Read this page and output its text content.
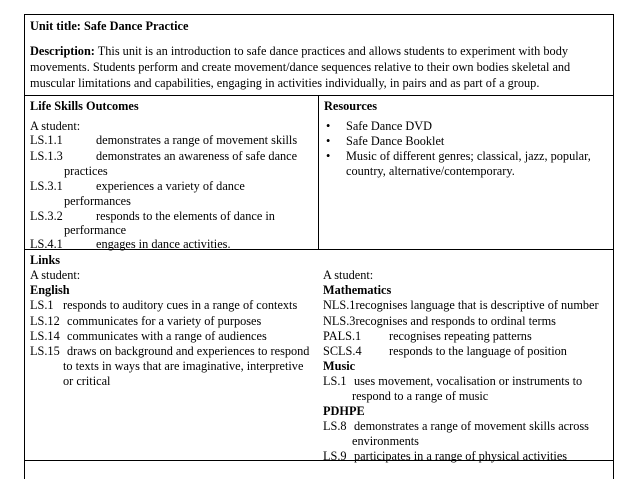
Unit title: Safe Dance Practice
Description: This unit is an introduction to safe dance practices and allows students to experiment with body
movements. Students perform and create movement/dance sequences relative to their own bodies skeletal and
muscular limitations and capabilities, engaging in activities individually, in pairs and as part of a group.
Life Skills Outcomes
A student:
LS.1.1	demonstrates a range of movement skills
LS.1.3	demonstrates an awareness of safe dance
practices
LS.3.1	experiences a variety of dance
performances
LS.3.2	responds to the elements of dance in
performance
LS.4.1	engages in dance activities.
Resources
• Safe Dance DVD
• Safe Dance Booklet
• Music of different genres; classical, jazz, popular,
country, alternative/contemporary.
Links
A student:
English
LS.1 responds to auditory cues in a range of contexts
LS.12 communicates for a variety of purposes
LS.14 communicates with a range of audiences
LS.15 draws on background and experiences to respond
to texts in ways that are imaginative, interpretive
or critical
A student:
Mathematics
NLS.1recognises language that is descriptive of number
NLS.3recognises and responds to ordinal terms
PALS.1 recognises repeating patterns
SCLS.4 responds to the language of position
Music
LS.1 uses movement, vocalisation or instruments to
respond to a range of music
PDHPE
LS.8 demonstrates a range of movement skills across
environments
LS.9 participates in a range of physical activities
